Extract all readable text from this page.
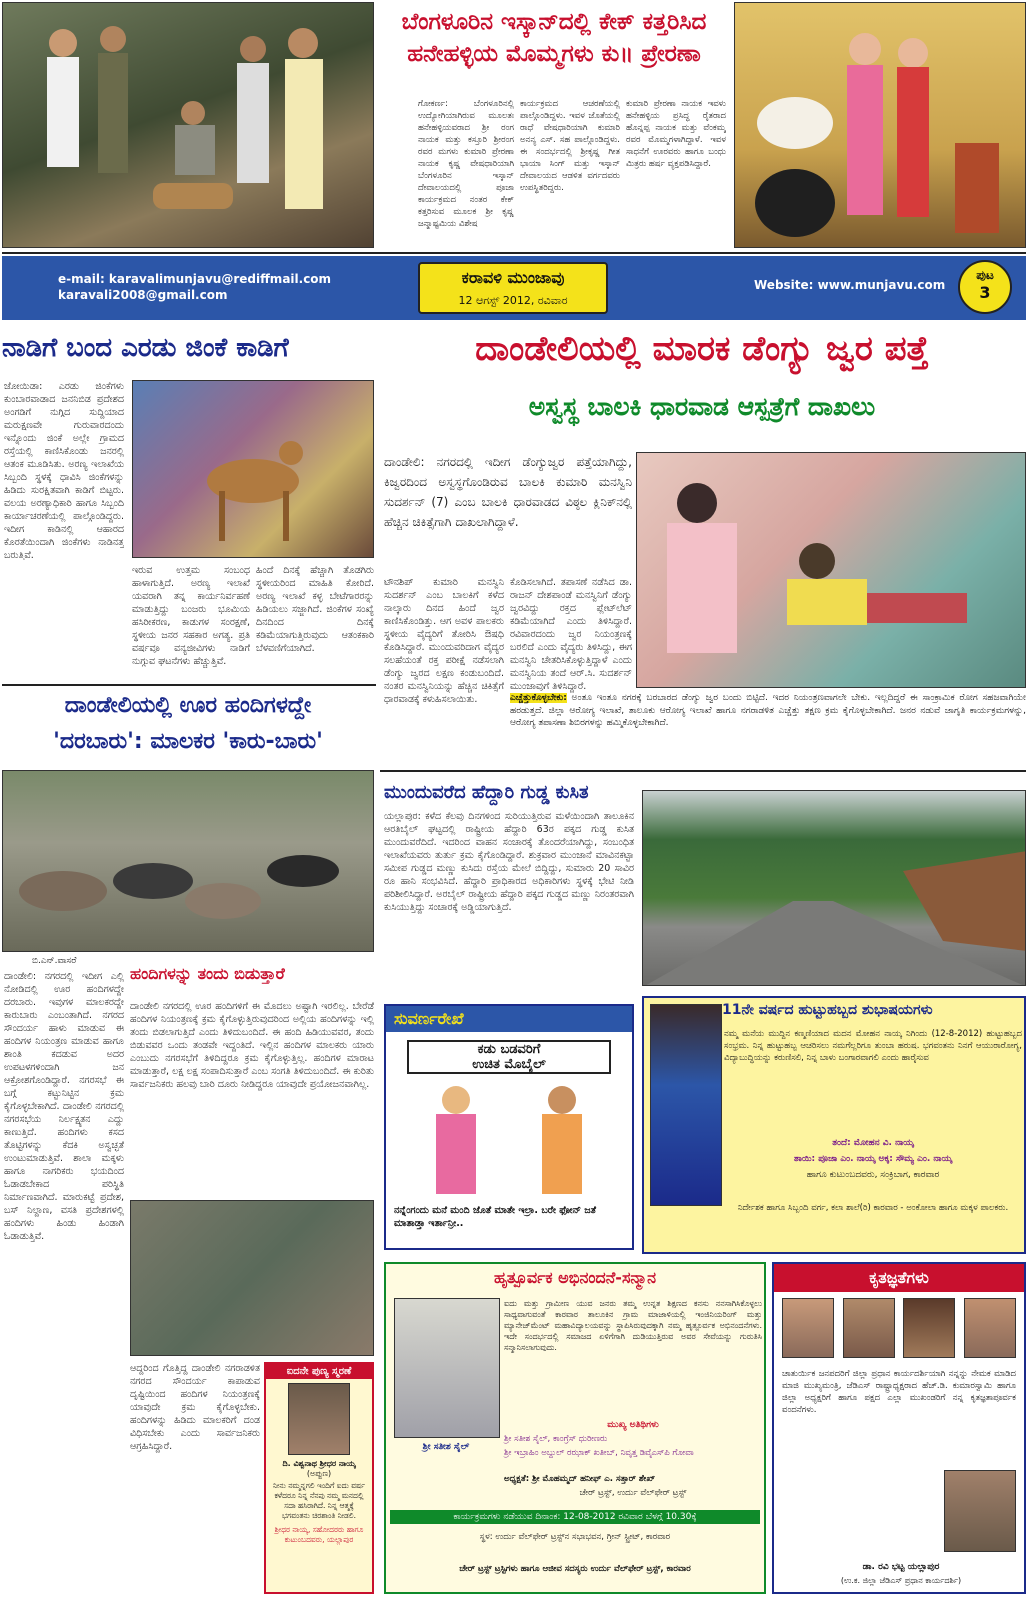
ಬೆಂಗಳೂರಿನ ಇಸ್ಕಾನ್‌ದಲ್ಲಿ ಕೇಕ್ ಕತ್ತರಿಸಿದ
ಹನೇಹಳ್ಳಿಯ ಮೊಮ್ಮಗಳು ಕು॥ ಪ್ರೇರಣಾ
ಗೋಕರ್ಣ: ಬೆಂಗಳೂರಿನಲ್ಲಿ ಉದ್ಯೋಗಿಯಾಗಿರುವ ಮೂಲತಃ ಹನೇಹಳ್ಳಿಯವರಾದ ಶ್ರೀ ರಂಗ ನಾಯಕ ಮತ್ತು ಕಸ್ತೂರಿ ಶ್ರೀರಂಗ ರವರ ಮಗಳು ಕುಮಾರಿ ಪ್ರೇರಣಾ ನಾಯಕ ಕೃಷ್ಣ ವೇಷಧಾರಿಯಾಗಿ ಬೆಂಗಳೂರಿನ ಇಸ್ಕಾನ್ ದೇವಾಲಯದಲ್ಲಿ ಪೂಜಾ ಕಾರ್ಯಕ್ರಮದ ನಂತರ ಕೇಕ್ ಕತ್ತರಿಸುವ ಮೂಲಕ ಶ್ರೀ ಕೃಷ್ಣ ಜನ್ಮಾಷ್ಟಮಿಯ ವಿಶೇಷ
ಕಾರ್ಯಕ್ರಮದ ಆಚರಣೆಯಲ್ಲಿ ಪಾಲ್ಗೊಂಡಿದ್ದಳು. ಇವಳ ಜೊತೆಯಲ್ಲಿ ರಾಧೆ ವೇಷಧಾರಿಯಾಗಿ ಕುಮಾರಿ ಅನನ್ಯ ಎಸ್. ಸಹ ಪಾಲ್ಗೊಂಡಿದ್ದಳು. ಈ ಸಂದರ್ಭದಲ್ಲಿ ಶ್ರೀಕೃಷ್ಣ ಗೀತ ಭಾಯಾ ಸಿಂಗ್ ಮತ್ತು ಇಸ್ಕಾನ್ ದೇವಾಲಯದ ಆಡಳಿತ ವರ್ಗದವರು ಉಪಸ್ಥಿತರಿದ್ದರು.
ಕುಮಾರಿ ಪ್ರೇರಣಾ ನಾಯಕ ಇವಳು ಹನೇಹಳ್ಳಿಯ ಪ್ರಸಿದ್ಧ ರೈತರಾದ ಹೊನ್ನಪ್ಪ ನಾಯಕ ಮತ್ತು ವೆಂಕಮ್ಮ ರವರ ಮೊಮ್ಮಗಳಾಗಿದ್ದಾಳೆ. ಇವಳ ಸಾಧನೆಗೆ ಊರವರು ಹಾಗೂ ಬಂಧು ಮಿತ್ರರು ಹರ್ಷ ವ್ಯಕ್ತಪಡಿಸಿದ್ದಾರೆ.
e-mail: karavalimunjavu@rediffmail.com
karavali2008@gmail.com
ಕರಾವಳಿ ಮುಂಜಾವು
12 ಆಗಸ್ಟ್ 2012, ರವಿವಾರ
Website: www.munjavu.com
ಪುಟ
3
ನಾಡಿಗೆ ಬಂದ ಎರಡು ಜಿಂಕೆ ಕಾಡಿಗೆ
ಜೋಯಿಡಾ: ಎರಡು ಜಿಂಕೆಗಳು ಕುಂಬಾರವಾಡಾದ ಜನನಿಬಿಡ ಪ್ರದೇಶದ ಅಂಗಡಿಗೆ ನುಗ್ಗಿದ ಸುದ್ದಿಯಾದ ಮರುಕ್ಷಣವೇ ಗುರುವಾರದಂದು ಇನ್ನೊಂದು ಜಿಂಕೆ ಅಲ್ಲೇ ಗ್ರಾಮದ ರಸ್ತೆಯಲ್ಲಿ ಕಾಣಿಸಿಕೊಂಡು ಜನರಲ್ಲಿ ಆತಂಕ ಮೂಡಿಸಿತು. ಅರಣ್ಯ ಇಲಾಖೆಯ ಸಿಬ್ಬಂದಿ ಸ್ಥಳಕ್ಕೆ ಧಾವಿಸಿ ಜಿಂಕೆಗಳನ್ನು ಹಿಡಿದು ಸುರಕ್ಷಿತವಾಗಿ ಕಾಡಿಗೆ ಬಿಟ್ಟರು. ವಲಯ ಅರಣ್ಯಾಧಿಕಾರಿ ಹಾಗೂ ಸಿಬ್ಬಂದಿ ಕಾರ್ಯಾಚರಣೆಯಲ್ಲಿ ಪಾಲ್ಗೊಂಡಿದ್ದರು. ಇದೀಗ ಕಾಡಿನಲ್ಲಿ ಆಹಾರದ ಕೊರತೆಯಿಂದಾಗಿ ಜಿಂಕೆಗಳು ನಾಡಿನತ್ತ ಬರುತ್ತಿವೆ.
ಇರುವ ಉತ್ತಮ ಸಂಬಂಧ ಹಾಳಾಗುತ್ತಿದೆ. ಅರಣ್ಯ ಇಲಾಖೆ ಯವರಾಗಿ ತನ್ನ ಕಾರ್ಯನಿರ್ವಹಣೆ ಮಾಡುತ್ತಿದ್ದು ಬಂಜರು ಭೂಮಿಯ ಹಸಿರೀಕರಣ, ಕಾಡುಗಳ ಸಂರಕ್ಷಣೆ, ಸ್ಥಳೀಯ ಜನರ ಸಹಕಾರ ಅಗತ್ಯ. ಪ್ರತಿ ವರ್ಷವೂ ವನ್ಯಜೀವಿಗಳು ನಾಡಿಗೆ ನುಗ್ಗುವ ಘಟನೆಗಳು ಹೆಚ್ಚುತ್ತಿವೆ.
ಹಿಂದೆ ದಿನಕ್ಕೆ ಹೆಚ್ಚಾಗಿ ತೊಡಗಿರು ಸ್ಥಳೀಯರಿಂದ ಮಾಹಿತಿ ಕೋರಿದೆ. ಅರಣ್ಯ ಇಲಾಖೆ ಕಳ್ಳ ಬೇಟೆಗಾರರನ್ನು ಹಿಡಿಯಲು ಸಜ್ಜಾಗಿದೆ. ಜಿಂಕೆಗಳ ಸಂಖ್ಯೆ ದಿನದಿಂದ ದಿನಕ್ಕೆ ಕಡಿಮೆಯಾಗುತ್ತಿರುವುದು ಆತಂಕಕಾರಿ ಬೆಳವಣಿಗೆಯಾಗಿದೆ.
ದಾಂಡೇಲಿಯಲ್ಲಿ ಮಾರಕ ಡೆಂಗ್ಯು ಜ್ವರ ಪತ್ತೆ
ಅಸ್ವಸ್ಥ ಬಾಲಕಿ ಧಾರವಾಡ ಆಸ್ಪತ್ರೆಗೆ ದಾಖಲು
ದಾಂಡೇಲಿ: ನಗರದಲ್ಲಿ ಇದೀಗ ಡೆಂಗ್ಯುಜ್ವರ ಪತ್ತೆಯಾಗಿದ್ದು, ಕಿಜ್ವರದಿಂದ ಅಸ್ವಸ್ಥಗೊಂಡಿರುವ ಬಾಲಕಿ ಕುಮಾರಿ ಮನಸ್ವಿನಿ ಸುದರ್ಶನ್ (7) ಎಂಬ ಬಾಲಕಿ ಧಾರವಾಡದ ವಿಠ್ಠಲ ಕ್ಲಿನಿಕ್‌ನಲ್ಲಿ ಹೆಚ್ಚಿನ ಚಿಕಿತ್ಸೆಗಾಗಿ ದಾಖಲಾಗಿದ್ದಾಳೆ.
ಟೌನಶಿಪ್ ಕುಮಾರಿ ಮನಸ್ವಿನಿ ಸುದರ್ಶನ್ ಎಂಬ ಬಾಲಕಿಗೆ ಕಳೆದ ನಾಲ್ಕಾರು ದಿನದ ಹಿಂದೆ ಜ್ವರ ಕಾಣಿಸಿಕೊಂಡಿತ್ತು. ಆಗ ಅವಳ ಪಾಲಕರು ಸ್ಥಳೀಯ ವೈದ್ಯರಿಗೆ ತೋರಿಸಿ ಔಷಧಿ ಕೊಡಿಸಿದ್ದಾರೆ. ಮುಂದುವರಿದಾಗ ವೈದ್ಯರ ಸಲಹೆಯಂತೆ ರಕ್ತ ಪರೀಕ್ಷೆ ನಡೆಸಲಾಗಿ ಡೆಂಗ್ಯು ಜ್ವರದ ಲಕ್ಷಣ ಕಂಡುಬಂದಿದೆ. ನಂತರ ಮನಸ್ವಿನಿಯನ್ನು ಹೆಚ್ಚಿನ ಚಿಕಿತ್ಸೆಗೆ ಧಾರವಾಡಕ್ಕೆ ಕಳುಹಿಸಲಾಯಿತು.
ಕೊಡಿಸಲಾಗಿದೆ. ತಪಾಸಣೆ ನಡೆಸಿದ ಡಾ. ರಾಜನ್ ದೇಶಪಾಂಡೆ ಮನಸ್ವಿನಿಗೆ ಡೆಂಗ್ಯು ಜ್ವರವಿದ್ದು ರಕ್ತದ ಪ್ಲೇಟ್‌ಲೆಟ್ ಕಡಿಮೆಯಾಗಿದೆ ಎಂದು ತಿಳಿಸಿದ್ದಾರೆ. ರವಿವಾರದಂದು ಜ್ವರ ನಿಯಂತ್ರಣಕ್ಕೆ ಬರಲಿದೆ ಎಂದು ವೈದ್ಯರು ತಿಳಿಸಿದ್ದು, ಈಗ ಮನಸ್ವಿನಿ ಚೇತರಿಸಿಕೊಳ್ಳುತ್ತಿದ್ದಾಳೆ ಎಂದು ಮನಸ್ವಿನಿಯ ತಂದೆ ಆರ್.ಸಿ. ಸುದರ್ಶನ್ ಮುಂಜಾವುಗೆ ತಿಳಿಸಿದ್ದಾರೆ.
ಎಚ್ಚೆತ್ತುಕೊಳ್ಳಬೇಕು: ಅಂತೂ ಇಂತೂ ನಗರಕ್ಕೆ ಬರಬಾರದ ಡೆಂಗ್ಯು ಜ್ವರ ಬಂದು ಬಿಟ್ಟಿದೆ. ಇದರ ನಿಯಂತ್ರಣವಾಗಲೇ ಬೇಕು. ಇಲ್ಲದಿದ್ದರೆ ಈ ಸಾಂಕ್ರಾಮಿಕ ರೋಗ ಸಹಜವಾಗಿಯೇ ಹರಡುತ್ತದೆ. ಜಿಲ್ಲಾ ಆರೋಗ್ಯ ಇಲಾಖೆ, ತಾಲೂಕು ಆರೋಗ್ಯ ಇಲಾಖೆ ಹಾಗೂ ನಗರಾಡಳಿತ ಎಚ್ಚೆತ್ತು ತಕ್ಷಣ ಕ್ರಮ ಕೈಗೊಳ್ಳಬೇಕಾಗಿದೆ. ಜನರ ನಡುವೆ ಜಾಗೃತಿ ಕಾರ್ಯಕ್ರಮಗಳನ್ನು, ಆರೋಗ್ಯ ತಪಾಸಣಾ ಶಿಬಿರಗಳನ್ನು ಹಮ್ಮಿಕೊಳ್ಳಬೇಕಾಗಿದೆ.
ದಾಂಡೇಲಿಯಲ್ಲಿ ಊರ ಹಂದಿಗಳದ್ದೇ
'ದರಬಾರು': ಮಾಲಕರ 'ಕಾರು-ಬಾರು'
ಬಿ.ಎನ್.ವಾಸರೆ
ದಾಂಡೇಲಿ: ನಗರದಲ್ಲಿ ಇದೀಗ ಎಲ್ಲಿ ನೋಡಿದಲ್ಲಿ ಊರ ಹಂದಿಗಳದ್ದೇ ದರಬಾರು. ಇವುಗಳ ಮಾಲಕರದ್ದೇ ಕಾರುಬಾರು ಎಂಬಂತಾಗಿದೆ. ನಗರದ ಸೌಂದರ್ಯ ಹಾಳು ಮಾಡುವ ಈ ಹಂದಿಗಳ ನಿಯಂತ್ರಣ ಮಾಡುವ ಹಾಗೂ ಶಾಂತಿ ಕದಡುವ ಅದರ ಉಪಟಳಗಳಿಂದಾಗಿ ಜನ ಆಕ್ರೋಶಗೊಂಡಿದ್ದಾರೆ. ನಗರಸಭೆ ಈ ಬಗ್ಗೆ ಕಟ್ಟುನಿಟ್ಟಿನ ಕ್ರಮ ಕೈಗೊಳ್ಳಬೇಕಾಗಿದೆ. ದಾಂಡೇಲಿ ನಗರದಲ್ಲಿ ನಗರಸಭೆಯ ನಿರ್ಲಕ್ಷ್ಯತನ ಎದ್ದು ಕಾಣುತ್ತಿದೆ. ಹಂದಿಗಳು ಕಸದ ತೊಟ್ಟಿಗಳನ್ನು ಕೆದಕಿ ಅಸ್ವಚ್ಛತೆ ಉಂಟುಮಾಡುತ್ತಿವೆ. ಶಾಲಾ ಮಕ್ಕಳು ಹಾಗೂ ನಾಗರಿಕರು ಭಯದಿಂದ ಓಡಾಡಬೇಕಾದ ಪರಿಸ್ಥಿತಿ ನಿರ್ಮಾಣವಾಗಿದೆ. ಮಾರುಕಟ್ಟೆ ಪ್ರದೇಶ, ಬಸ್ ನಿಲ್ದಾಣ, ವಸತಿ ಪ್ರದೇಶಗಳಲ್ಲಿ ಹಂದಿಗಳು ಹಿಂಡು ಹಿಂಡಾಗಿ ಓಡಾಡುತ್ತಿವೆ.
ಹಂದಿಗಳನ್ನು ತಂದು ಬಿಡುತ್ತಾರೆ
ದಾಂಡೇಲಿ ನಗರದಲ್ಲಿ ಊರ ಹಂದಿಗಳಿಗೆ ಈ ಮೊದಲು ಅಷ್ಟಾಗಿ ಇರಲಿಲ್ಲ. ಬೇರೆಡೆ ಹಂದಿಗಳ ನಿಯಂತ್ರಣಕ್ಕೆ ಕ್ರಮ ಕೈಗೊಳ್ಳುತ್ತಿರುವುದರಿಂದ ಅಲ್ಲಿಯ ಹಂದಿಗಳನ್ನು ಇಲ್ಲಿ ತಂದು ಬಿಡಲಾಗುತ್ತಿದೆ ಎಂದು ತಿಳಿದುಬಂದಿದೆ. ಈ ಹಂದಿ ಹಿಡಿಯುವವರ, ತಂದು ಬಿಡುವವರ ಒಂದು ತಂಡವೇ ಇದ್ದಂತಿದೆ. ಇಲ್ಲಿನ ಹಂದಿಗಳ ಮಾಲಕರು ಯಾರು ಎಂಬುದು ನಗರಸಭೆಗೆ ತಿಳಿದಿದ್ದರೂ ಕ್ರಮ ಕೈಗೊಳ್ಳುತ್ತಿಲ್ಲ. ಹಂದಿಗಳ ಮಾರಾಟ ಮಾಡುತ್ತಾರೆ, ಲಕ್ಷ ಲಕ್ಷ ಸಂಪಾದಿಸುತ್ತಾರೆ ಎಂಬ ಸಂಗತಿ ತಿಳಿದುಬಂದಿದೆ. ಈ ಕುರಿತು ಸಾರ್ವಜನಿಕರು ಹಲವು ಬಾರಿ ದೂರು ನೀಡಿದ್ದರೂ ಯಾವುದೇ ಪ್ರಯೋಜನವಾಗಿಲ್ಲ.
ಆದ್ದರಿಂದ ಗೊತ್ತಿದ್ದ ದಾಂಡೇಲಿ ನಗರಾಡಳಿತ ನಗರದ ಸೌಂದರ್ಯ ಕಾಪಾಡುವ ದೃಷ್ಟಿಯಿಂದ ಹಂದಿಗಳ ನಿಯಂತ್ರಣಕ್ಕೆ ಯಾವುದೇ ಕ್ರಮ ಕೈಗೊಳ್ಳಬೇಕು. ಹಂದಿಗಳನ್ನು ಹಿಡಿದು ಮಾಲಕರಿಗೆ ದಂಡ ವಿಧಿಸಬೇಕು ಎಂದು ಸಾರ್ವಜನಿಕರು ಆಗ್ರಹಿಸಿದ್ದಾರೆ.
ಐದನೇ ಪುಣ್ಯ ಸ್ಮರಣೆ
ದಿ. ವಿಶ್ವನಾಥ ಶ್ರೀಧರ ನಾಯ್ಕ
(ಅಪ್ಪುಣ)
ನೀನು ನಮ್ಮನ್ನಗಲಿ ಇಂದಿಗೆ ಐದು ವರ್ಷ ಕಳೆದರೂ ನಿನ್ನ ನೆನಪು ನಮ್ಮ ಮನದಲ್ಲಿ ಸದಾ ಹಸಿರಾಗಿದೆ. ನಿನ್ನ ಆತ್ಮಕ್ಕೆ ಭಗವಂತನು ಚಿರಶಾಂತಿ ನೀಡಲಿ.
ಶ್ರೀಧರ ನಾಯ್ಕ, ಸಹೋದರರು ಹಾಗೂ ಕುಟುಂಬದವರು, ಯಲ್ಲಾಪುರ
ಮುಂದುವರೆದ ಹೆದ್ದಾರಿ ಗುಡ್ಡ ಕುಸಿತ
ಯಲ್ಲಾಪುರ: ಕಳೆದ ಕೆಲವು ದಿನಗಳಿಂದ ಸುರಿಯುತ್ತಿರುವ ಮಳೆಯಿಂದಾಗಿ ತಾಲೂಕಿನ ಆರತಿಬೈಲ್ ಘಟ್ಟದಲ್ಲಿ ರಾಷ್ಟ್ರೀಯ ಹೆದ್ದಾರಿ 63ರ ಪಕ್ಕದ ಗುಡ್ಡ ಕುಸಿತ ಮುಂದುವರೆದಿದೆ. ಇದರಿಂದ ವಾಹನ ಸಂಚಾರಕ್ಕೆ ತೊಂದರೆಯಾಗಿದ್ದು, ಸಂಬಂಧಿತ ಇಲಾಖೆಯವರು ತುರ್ತು ಕ್ರಮ ಕೈಗೊಂಡಿದ್ದಾರೆ. ಶುಕ್ರವಾರ ಮುಂಜಾನೆ ಮಾವಿನಕಟ್ಟಾ ಸಮೀಪ ಗುಡ್ಡದ ಮಣ್ಣು ಕುಸಿದು ರಸ್ತೆಯ ಮೇಲೆ ಬಿದ್ದಿದ್ದು, ಸುಮಾರು 20 ಸಾವಿರ ರೂ ಹಾನಿ ಸಂಭವಿಸಿದೆ. ಹೆದ್ದಾರಿ ಪ್ರಾಧಿಕಾರದ ಅಧಿಕಾರಿಗಳು ಸ್ಥಳಕ್ಕೆ ಭೇಟಿ ನೀಡಿ ಪರಿಶೀಲಿಸಿದ್ದಾರೆ. ಅರಬೈಲ್ ರಾಷ್ಟ್ರೀಯ ಹೆದ್ದಾರಿ ಪಕ್ಕದ ಗುಡ್ಡದ ಮಣ್ಣು ನಿರಂತರವಾಗಿ ಕುಸಿಯುತ್ತಿದ್ದು ಸಂಚಾರಕ್ಕೆ ಅಡ್ಡಿಯಾಗುತ್ತಿದೆ.
ಸುವರ್ಣರೇಖೆ
ಕಡು ಬಡವರಿಗೆ
ಉಚಿತ ಮೊಬೈಲ್
ನನ್ನೆಂಗಂದು ಮನೆ ಮಂದಿ ಜೊತೆ ಮಾತೇ ಇಲ್ರಾ. ಬರೇ ಫೋನ್ ಜತೆ ಮಾತಾಡ್ತಾ ಇರ್ತಾನ್ರೀ..
11ನೇ ವರ್ಷದ ಹುಟ್ಟುಹಬ್ಬದ ಶುಭಾಷಯಗಳು
ನಮ್ಮ ಮನೆಯ ಮುದ್ದಿನ ಕಣ್ಮಣಿಯಾದ ಮದನ ಮೋಹನ ನಾಯ್ಕ ನಿಗಿಂದು (12-8-2012) ಹುಟ್ಟುಹಬ್ಬದ ಸಂಭ್ರಮ. ನಿನ್ನ ಹುಟ್ಟುಹಬ್ಬ ಆಚರಿಸಲು ನಮಗೆಲ್ಲರಿಗೂ ತುಂಬಾ ಹರುಷ. ಭಗವಂತನು ನಿನಗೆ ಆಯುರಾರೋಗ್ಯ, ವಿದ್ಯಾಬುದ್ಧಿಯನ್ನು ಕರುಣಿಸಲಿ, ನಿನ್ನ ಬಾಳು ಬಂಗಾರವಾಗಲಿ ಎಂದು ಹಾರೈಸುವ
ತಂದೆ: ಮೋಹನ ವಿ. ನಾಯ್ಕ
ತಾಯಿ: ಪೂಜಾ ಎಂ. ನಾಯ್ಕ ಅಕ್ಕ: ಸೌಮ್ಯ ಎಂ. ನಾಯ್ಕ
ಹಾಗೂ ಕುಟುಂಬದವರು, ಸಂಕ್ರಿಬಾಗ, ಕಾರವಾರ
ನಿರ್ದೇಶಕ ಹಾಗೂ ಸಿಬ್ಬಂದಿ ವರ್ಗ, ಕಲಾ ಶಾಲೆ(ರಿ) ಕಾರವಾರ - ಅಂಕೋಲಾ ಹಾಗೂ ಮಕ್ಕಳ ಪಾಲಕರು.
ಹೃತ್ಪೂರ್ವಕ ಅಭಿನಂದನೆ-ಸನ್ಮಾನ
ಶ್ರೀ ಸತೀಶ ಸೈಲ್
ಐದು ಮತ್ತು ಗ್ರಾಮೀಣ ಯುವ ಜನರು ತಮ್ಮ ಉನ್ನತ ಶಿಕ್ಷಣದ ಕನಸು ನನಸಾಗಿಸಿಕೊಳ್ಳಲು ಸಾಧ್ಯವಾಗುವಂತೆ ಕಾರವಾರ ತಾಲೂಕಿನ ಗ್ರಾಮ ಮಾಜಾಳಿಯಲ್ಲಿ ಇಂಜಿನಿಯರಿಂಗ್ ಮತ್ತು ಮ್ಯಾನೇಜ್‌ಮೆಂಟ್ ಮಹಾವಿದ್ಯಾಲಯವನ್ನು ಸ್ಥಾಪಿಸಿರುವುದಕ್ಕಾಗಿ ನಮ್ಮ ಹೃತ್ಪೂರ್ವಕ ಅಭಿನಂದನೆಗಳು. ಇದೇ ಸಂದರ್ಭದಲ್ಲಿ ಸಮಾಜದ ಏಳಿಗೆಗಾಗಿ ದುಡಿಯುತ್ತಿರುವ ಅವರ ಸೇವೆಯನ್ನು ಗುರುತಿಸಿ ಸನ್ಮಾನಿಸಲಾಗುವುದು.
ಮುಖ್ಯ ಅತಿಥಿಗಳು
ಶ್ರೀ ಸತೀಶ ಸೈಲ್, ಕಾಂಗ್ರೆಸ್ ಧುರೀಣರು
ಶ್ರೀ ಇಬ್ರಾಹಿಂ ಅಬ್ದುಲ್ ರಝಾಕ್ ಖತೀಬ್, ನಿವೃತ್ತ ಡಿವೈಎಸ್‌ಪಿ ಗೋವಾ
ಅಧ್ಯಕ್ಷತೆ: ಶ್ರೀ ಮೊಹಮ್ಮದ್ ಹನೀಫ್ ಎ. ಸತ್ತಾರ್ ಶೇಖ್
ಚೇರ್ ಟ್ರಸ್ಟ್, ಉರ್ದು ವೆಲ್‌ಫೇರ್ ಟ್ರಸ್ಟ್
ಕಾರ್ಯಕ್ರಮಗಳು ನಡೆಯುವ ದಿನಾಂಕ: 12-08-2012 ರವಿವಾರ ಬೆಳಗ್ಗೆ 10.30ಕ್ಕೆ
ಸ್ಥಳ: ಉರ್ದು ವೆಲ್‌ಫೇರ್ ಟ್ರಸ್ಟ್‌ನ ಸಭಾಭವನ, ಗ್ರೀನ್ ಸ್ಟ್ರೀಟ್, ಕಾರವಾರ
ಚೇರ್ ಟ್ರಸ್ಟ್ ಟ್ರಸ್ಟಿಗಳು ಹಾಗೂ ಆಜೀವ ಸದಸ್ಯರು ಉರ್ದು ವೆಲ್‌ಫೇರ್ ಟ್ರಸ್ಟ್, ಕಾರವಾರ
ಕೃತಜ್ಞತೆಗಳು
ಚಾತುರ್ಯಿಕ ಜನಪದರಿಗೆ ಜಿಲ್ಲಾ ಪ್ರಧಾನ ಕಾರ್ಯದರ್ಶಿಯಾಗಿ ನನ್ನನ್ನು ನೇಮಕ ಮಾಡಿದ ಮಾಜಿ ಮುಖ್ಯಮಂತ್ರಿ, ಜೆಡಿಎಸ್ ರಾಷ್ಟ್ರಾಧ್ಯಕ್ಷರಾದ ಹೆಚ್.ಡಿ. ಕುಮಾರಸ್ವಾಮಿ ಹಾಗೂ ಜಿಲ್ಲಾ ಅಧ್ಯಕ್ಷರಿಗೆ ಹಾಗೂ ಪಕ್ಷದ ಎಲ್ಲಾ ಮುಖಂಡರಿಗೆ ನನ್ನ ಕೃತಜ್ಞತಾಪೂರ್ವಕ ವಂದನೆಗಳು.
ಡಾ. ರವಿ ಭಟ್ಟ ಯಲ್ಲಾಪುರ
(ಉ.ಕ. ಜಿಲ್ಲಾ ಜೆಡಿಎಸ್ ಪ್ರಧಾನ ಕಾರ್ಯದರ್ಶಿ)
